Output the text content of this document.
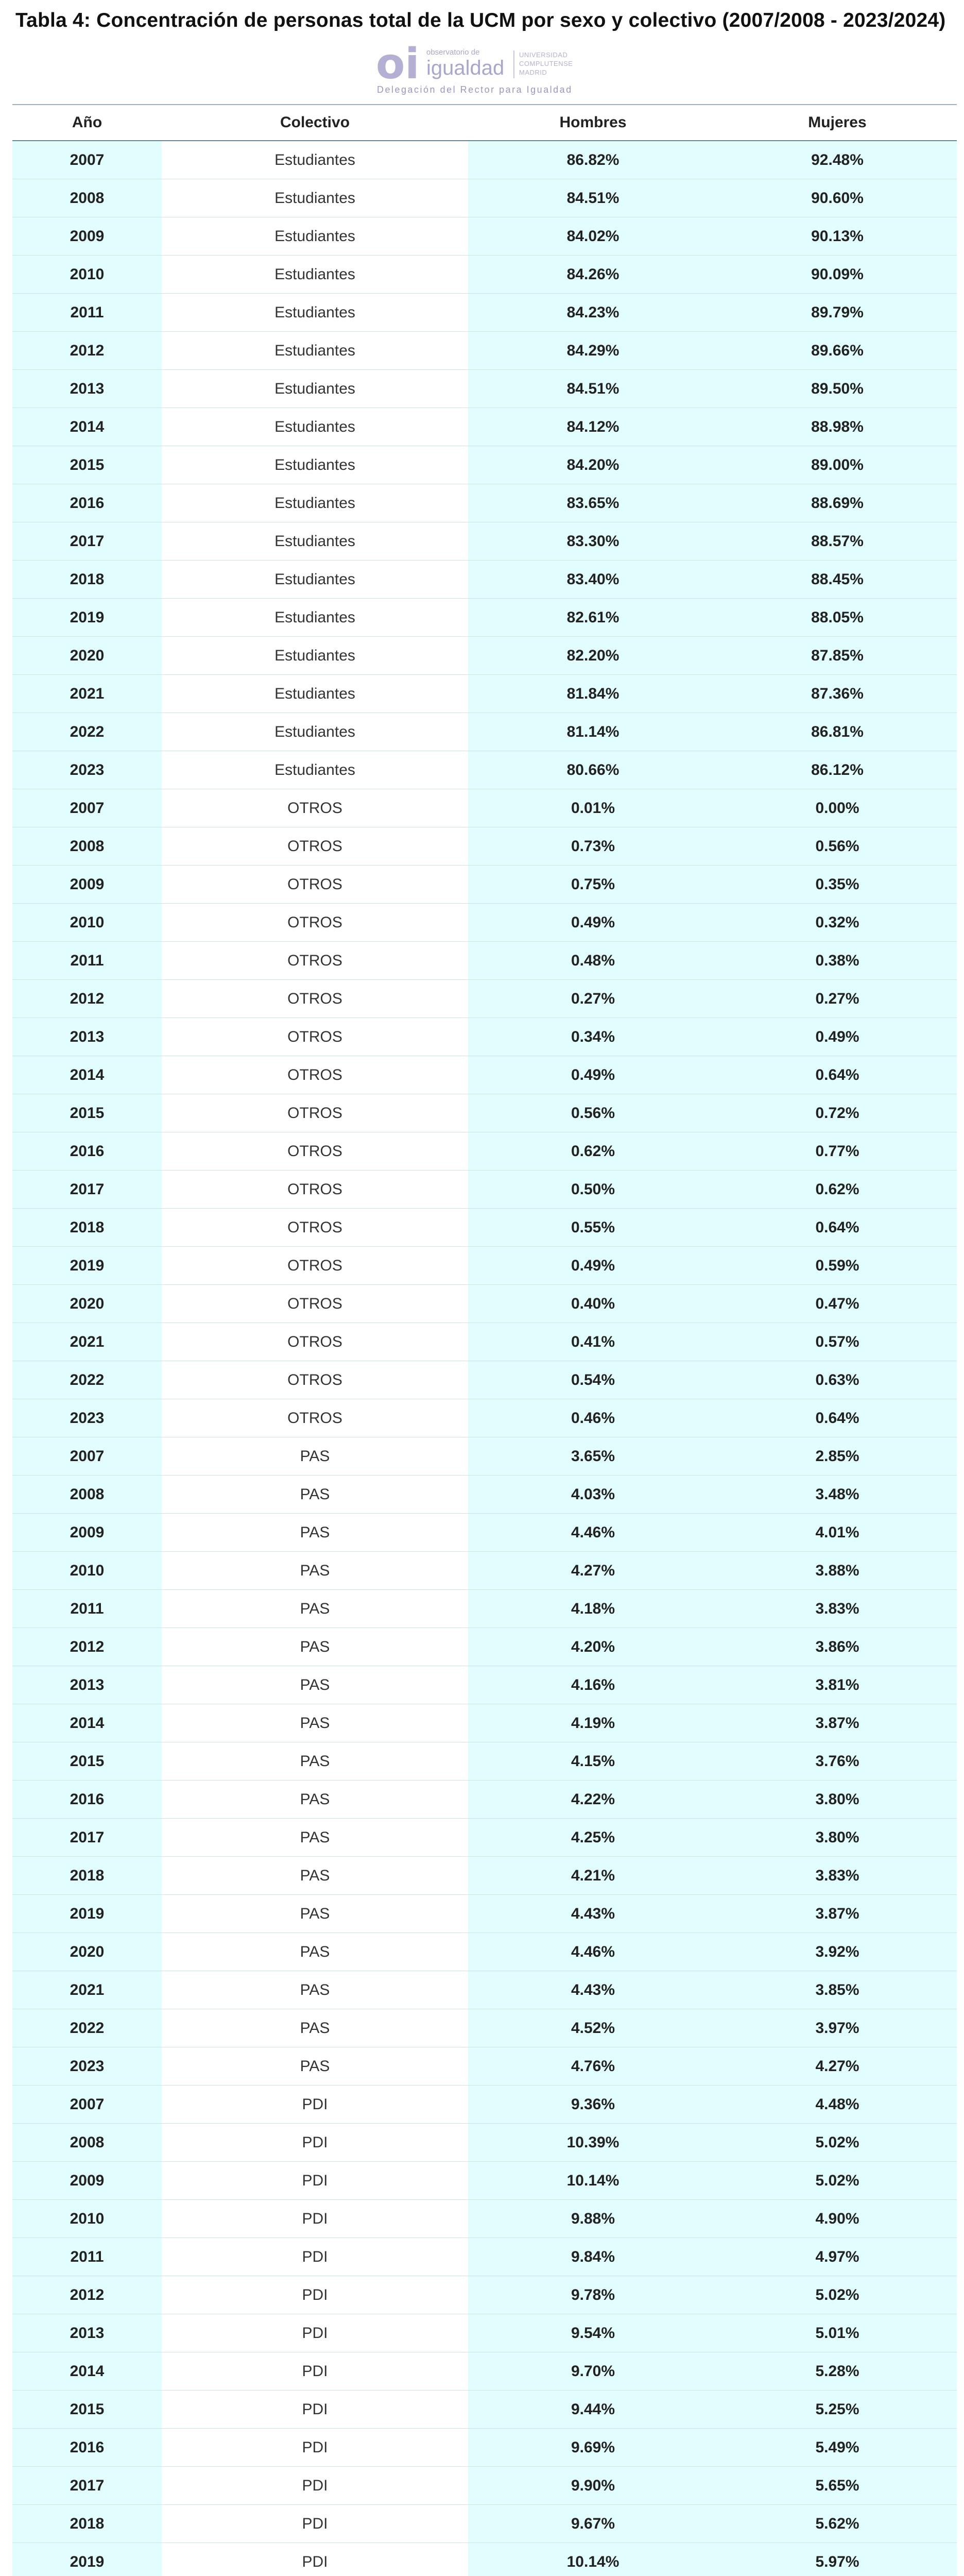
Tabla 4: Concentración de personas total de la UCM por sexo y colectivo (2007/2008 - 2023/2024)
oi observatorio de
igualdad
UNIVERSIDAD COMPLUTENSE MADRID
Delegación del Rector para Igualdad
Año	Colectivo	Hombres	Mujeres
2007	Estudiantes	86.82%	92.48%
2008	Estudiantes	84.51%	90.60%
2009	Estudiantes	84.02%	90.13%
2010	Estudiantes	84.26%	90.09%
2011	Estudiantes	84.23%	89.79%
2012	Estudiantes	84.29%	89.66%
2013	Estudiantes	84.51%	89.50%
2014	Estudiantes	84.12%	88.98%
2015	Estudiantes	84.20%	89.00%
2016	Estudiantes	83.65%	88.69%
2017	Estudiantes	83.30%	88.57%
2018	Estudiantes	83.40%	88.45%
2019	Estudiantes	82.61%	88.05%
2020	Estudiantes	82.20%	87.85%
2021	Estudiantes	81.84%	87.36%
2022	Estudiantes	81.14%	86.81%
2023	Estudiantes	80.66%	86.12%
2007	OTROS	0.01%	0.00%
2008	OTROS	0.73%	0.56%
2009	OTROS	0.75%	0.35%
2010	OTROS	0.49%	0.32%
2011	OTROS	0.48%	0.38%
2012	OTROS	0.27%	0.27%
2013	OTROS	0.34%	0.49%
2014	OTROS	0.49%	0.64%
2015	OTROS	0.56%	0.72%
2016	OTROS	0.62%	0.77%
2017	OTROS	0.50%	0.62%
2018	OTROS	0.55%	0.64%
2019	OTROS	0.49%	0.59%
2020	OTROS	0.40%	0.47%
2021	OTROS	0.41%	0.57%
2022	OTROS	0.54%	0.63%
2023	OTROS	0.46%	0.64%
2007	PAS	3.65%	2.85%
2008	PAS	4.03%	3.48%
2009	PAS	4.46%	4.01%
2010	PAS	4.27%	3.88%
2011	PAS	4.18%	3.83%
2012	PAS	4.20%	3.86%
2013	PAS	4.16%	3.81%
2014	PAS	4.19%	3.87%
2015	PAS	4.15%	3.76%
2016	PAS	4.22%	3.80%
2017	PAS	4.25%	3.80%
2018	PAS	4.21%	3.83%
2019	PAS	4.43%	3.87%
2020	PAS	4.46%	3.92%
2021	PAS	4.43%	3.85%
2022	PAS	4.52%	3.97%
2023	PAS	4.76%	4.27%
2007	PDI	9.36%	4.48%
2008	PDI	10.39%	5.02%
2009	PDI	10.14%	5.02%
2010	PDI	9.88%	4.90%
2011	PDI	9.84%	4.97%
2012	PDI	9.78%	5.02%
2013	PDI	9.54%	5.01%
2014	PDI	9.70%	5.28%
2015	PDI	9.44%	5.25%
2016	PDI	9.69%	5.49%
2017	PDI	9.90%	5.65%
2018	PDI	9.67%	5.62%
2019	PDI	10.14%	5.97%
